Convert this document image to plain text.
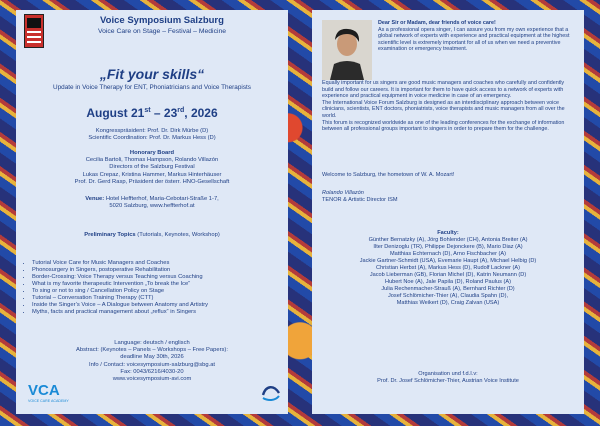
Voice Symposium Salzburg
Voice Care on Stage – Festival – Medicine
„Fit your skills“
Update in Voice Therapy for ENT, Phoniatricians and Voice Therapists
August 21st – 23rd, 2026
Kongresspräsident: Prof. Dr. Dirk Mürbe (D)
Scientific Coordination: Prof. Dr. Markus Hess (D)
Honorary Board
Cecilia Bartoli, Thomas Hampson, Rolando Villazón
Directors of the Salzburg Festival
Lukas Crepaz, Kristina Hammer, Markus Hinterhäuser
Prof. Dr. Gerd Rasp, Präsident der österr. HNO-Gesellschaft
Venue: Hotel Heffterhof, Maria-Cebotari-Straße 1-7,
5020 Salzburg, www.heffterhof.at
Preliminary Topics (Tutorials, Keynotes, Workshop)
• Tutorial Voice Care for Music Managers and Coaches
• Phonosurgery in Singers, postoperative Rehabilitation
• Border-Crossing: Voice Therapy versus Teaching versus Coaching
• What is my favorite therapeutic Intervention „To break the Ice“
• To sing or not to sing / Cancellation Policy on Stage
• Tutorial – Conversation Training Therapy (CTT)
• Inside the Singer’s Voice – A Dialogue between Anatomy and Artistry
• Myths, facts and practical management about „reflux“ in Singers
Language: deutsch / englisch
Abstract: (Keynotes – Panels – Workshops – Free Papers):
deadline May 30th, 2026
Info / Contact: voicesymposium-salzburg@sbg.at
Fax: 0043/6216/4030-20
www.voicesymposium-avi.com
VCA
VOICE CARE ACADEMY

Dear Sir or Madam, dear friends of voice care!

As a professional opera singer, I can assure you from my own experience that a global network of experts with experience and practical equipment at the highest scientific level is extremely important for all of us when we need a preventive examination or emergency treatment.

Equally important for us singers are good music managers and coaches who carefully and confidently build and follow our careers. It is important for them to have quick access to a network of experts with experience and practical equipment in voice medicine in case of an emergency.

The International Voice Forum Salzburg is designed as an interdisciplinary approach between voice clinicians, scientists, ENT doctors, phoniatrists, voice therapists and music managers from all over the world.

This forum is recognized worldwide as one of the leading conferences for the exchange of information between all professional groups important to singers in order to prepare them for the challenge.

Welcome to Salzburg, the hometown of W. A. Mozart!
Rolando Villazón
TENOR & Artistic Director ISM
Faculty:
Günther Bernatzky (A), Jörg Bohlender (CH), Antonia Breiter (A)
Ilter Denizoglu (TR), Philippe Dejonckere (B), Mario Diaz (A)
Matthias Echternach (D), Arno Fischbacher (A)
Jackie Gartner-Schmidt (USA), Evemarie Haupt (A), Michael Helbig (D)
Christian Herbst (A), Markus Hess (D), Rudolf Lackner (A)
Jacob Lieberman (GB), Florian Michel (D), Katrin Neumann (D)
Hubert Noe (A), Jale Papila (D), Roland Paulus (A)
Julia Rechenmacher-Strauß (A), Bernhard Richter (D)
Josef Schlömicher-Thier (A), Claudia Spahn (D),
Matthias Weikert (D), Craig Zalvan (USA)
Organisation und f.d.I.v:
Prof. Dr. Josef Schlömicher-Thier, Austrian Voice Institute
